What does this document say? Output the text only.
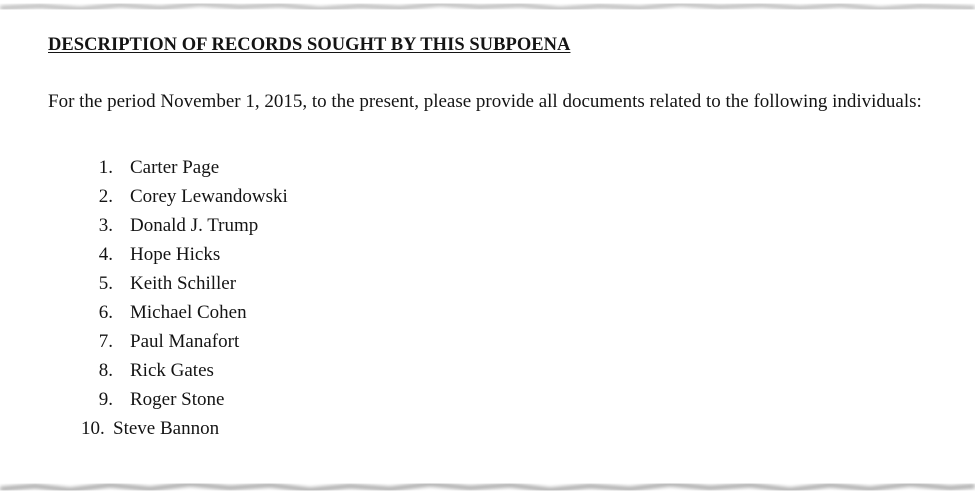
DESCRIPTION OF RECORDS SOUGHT BY THIS SUBPOENA

For the period November 1, 2015, to the present, please provide all documents related to the following individuals:

1. Carter Page
2. Corey Lewandowski
3. Donald J. Trump
4. Hope Hicks
5. Keith Schiller
6. Michael Cohen
7. Paul Manafort
8. Rick Gates
9. Roger Stone
10. Steve Bannon
